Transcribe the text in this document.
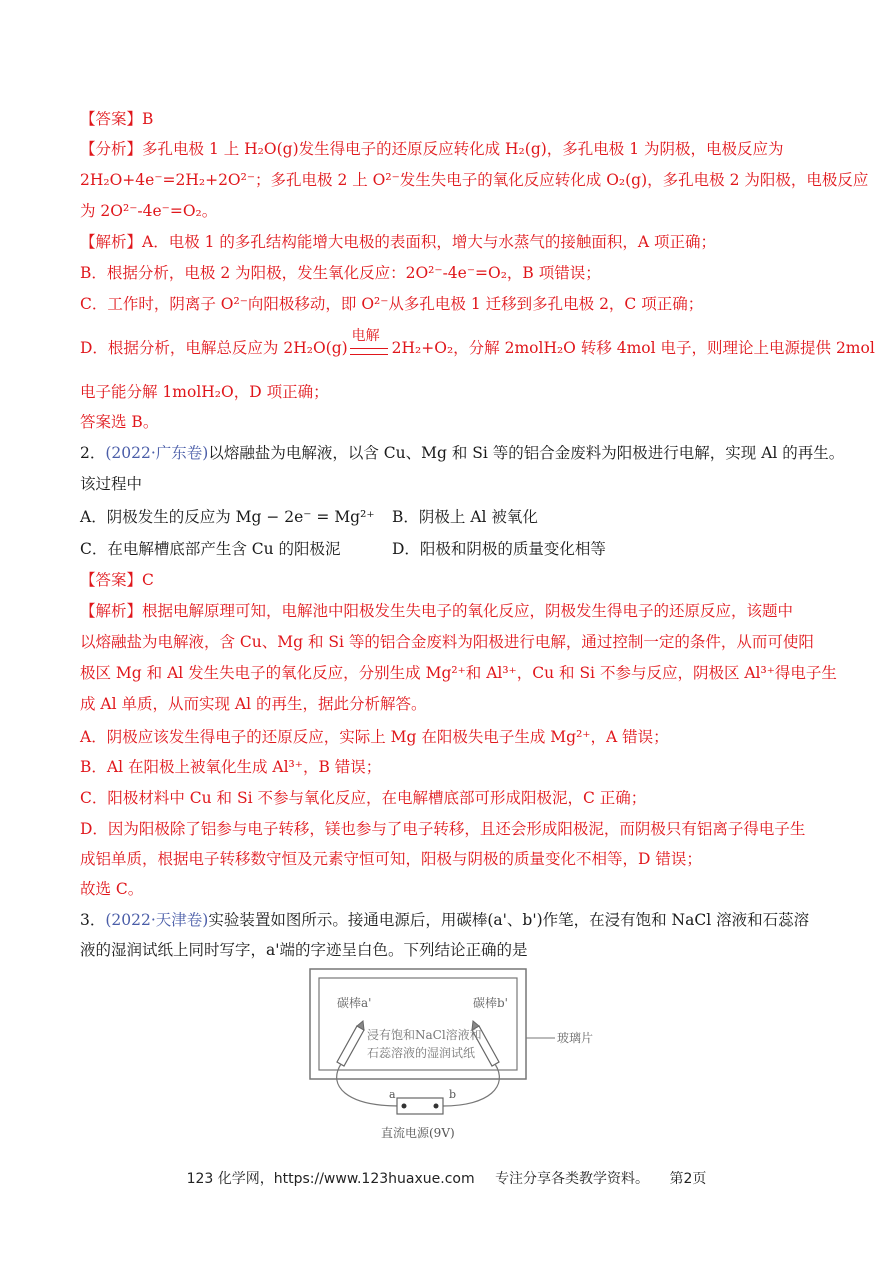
【答案】B
【分析】多孔电极 1 上 H₂O(g)发生得电子的还原反应转化成 H₂(g)，多孔电极 1 为阴极，电极反应为
2H₂O+4e⁻=2H₂+2O²⁻；多孔电极 2 上 O²⁻发生失电子的氧化反应转化成 O₂(g)，多孔电极 2 为阳极，电极反应
为 2O²⁻-4e⁻=O₂。
【解析】A．电极 1 的多孔结构能增大电极的表面积，增大与水蒸气的接触面积，A 项正确；
B．根据分析，电极 2 为阳极，发生氧化反应：2O²⁻-4e⁻=O₂，B 项错误；
C．工作时，阴离子 O²⁻向阳极移动，即 O²⁻从多孔电极 1 迁移到多孔电极 2，C 项正确；
D．根据分析，电解总反应为 2H₂O(g)
电解
2H₂+O₂，分解 2molH₂O 转移 4mol 电子，则理论上电源提供 2mol
电子能分解 1molH₂O，D 项正确；
答案选 B。
2．(2022·广东卷)以熔融盐为电解液，以含 Cu、Mg 和 Si 等的铝合金废料为阳极进行电解，实现 Al 的再生。
该过程中
A．阴极发生的反应为 Mg − 2e⁻ = Mg²⁺ B．阴极上 Al 被氧化
C．在电解槽底部产生含 Cu 的阳极泥	D．阳极和阴极的质量变化相等
【答案】C
【解析】根据电解原理可知，电解池中阳极发生失电子的氧化反应，阴极发生得电子的还原反应，该题中
以熔融盐为电解液，含 Cu、Mg 和 Si 等的铝合金废料为阳极进行电解，通过控制一定的条件，从而可使阳
极区 Mg 和 Al 发生失电子的氧化反应，分别生成 Mg²⁺和 Al³⁺，Cu 和 Si 不参与反应，阴极区 Al³⁺得电子生
成 Al 单质，从而实现 Al 的再生，据此分析解答。
A．阴极应该发生得电子的还原反应，实际上 Mg 在阳极失电子生成 Mg²⁺，A 错误；
B．Al 在阳极上被氧化生成 Al³⁺，B 错误；
C．阳极材料中 Cu 和 Si 不参与氧化反应，在电解槽底部可形成阳极泥，C 正确；
D．因为阳极除了铝参与电子转移，镁也参与了电子转移，且还会形成阳极泥，而阴极只有铝离子得电子生
成铝单质，根据电子转移数守恒及元素守恒可知，阳极与阴极的质量变化不相等，D 错误；
故选 C。
3．(2022·天津卷)实验装置如图所示。接通电源后，用碳棒(a'、b')作笔，在浸有饱和 NaCl 溶液和石蕊溶
液的湿润试纸上同时写字，a'端的字迹呈白色。下列结论正确的是
碳棒a'	碳棒b'
浸有饱和NaCl溶液和
石蕊溶液的湿润试纸
玻璃片
a	b
直流电源(9V)
123 化学网，https://www.123huaxue.com 专注分享各类教学资料。 第2页
